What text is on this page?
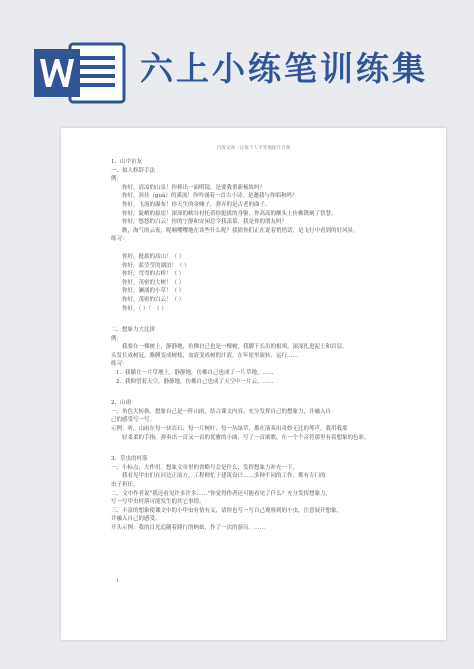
六上小练笔训练集
百度文库 - 让每个人平等地提升自我
1、山中访友
一、拟人修辞手法
例：
你好，清凉的山泉！你捧出一面明镜，是要我重新梳妆吗？
你好，斜挂（guà）的溪流！你吟诵着一首古小诗，是邀我与你唱和吗？
你好，飞流的瀑布！你天生的金嗓子，弹弄的是古老的曲子。
你好，陡峭的悬崖！深深的峡谷衬托着你挺拔的身躯，你高高的额头上仿佛镌刻了智慧。
你好，悠悠的白云！你的宁静和安闲总令我羡慕，我是你的朋友吗？
瞧，淘气的云雀，呢喃嘤嘤地在谈些什么呢？我猜你们正在说着悄悄话，是飞行中看到的好风景。
练习：
你好，挺拔的高山！（ ）
你好，蓝莹莹的湖泊！（ ）
你好，弯弯的古桥！（ ）
你好，茂密的大树！（ ）
你好，澜涌的小草！（ ）
你好，茂密的白云！（ ）
你好，（ ）！（ ）
二、想象力大比拼
例：
我要在一棵树上，静静地，仿佛自己也是一棵树，我脚下长出的根须，深深扎进泥土和岩层，
头发长成树冠，胳膊变成树枝，血液变成树的汁液，在年轮里流转、运行……
练习：
1．我躺在一片草地上，静静地，仿佛自己也成了一片草地。……
2．我仰望着天空，静静地，仿佛自己也成了天空中一片云。……
2、山雨
一、角色大转换，想象自己是一阵山雨，结合课文内容，充分发挥自己的想象力，并融入自
己的感受写一写。
示例：听，山雨在每一块岩石、每一片树叶、每一丛绿草，都在演奏出奇妙无比的琴声，我用我那
轻柔柔的手指，弹奏出一首又一首的优雅的小曲，写了一首颂歌，在一个个音符那里有着想象的色彩。
3、草虫的村落
一、小标点，大作用。想象文章里的省略号会是什么，发挥想象力补充一下。
我看见甲虫们在河边正前方，工程师忙于建筑设计……多种不同的工作，都有专门的
虫子担任。
二、文中作者说“我还看见许多许多……”你觉得作者还可能看见了什么？充分发挥想象力，
写一写甲虫村落可能发生的其它事情。
三、丰富的想象使课文中的小甲虫有情有义，请你也写一写自己观察到的小虫，注意展开想象，
并融入自己的感受。
开头示例：我的目光追随着爬行的蚂蚁，作了一次的游历。……
1
